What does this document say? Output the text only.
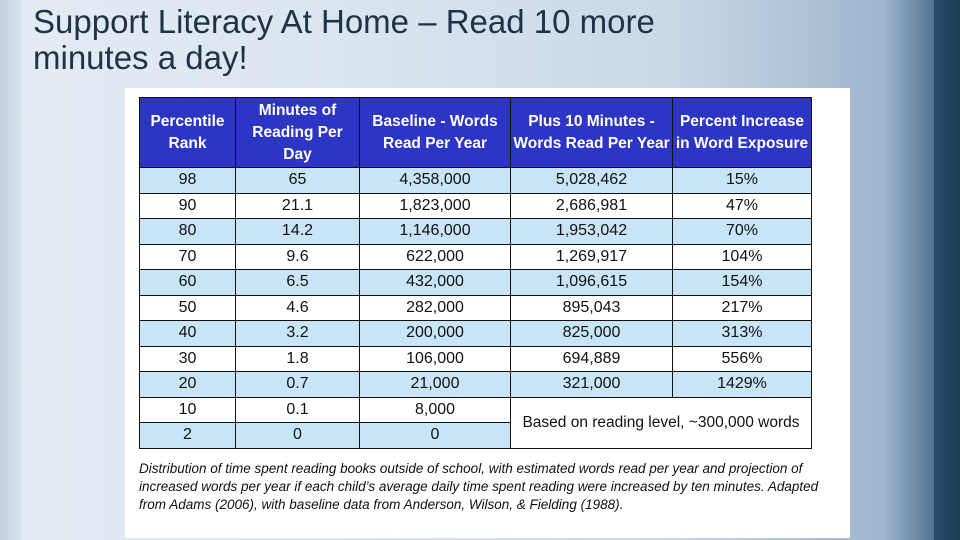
Support Literacy At Home – Read 10 more
minutes a day!
Percentile Rank	Minutes of Reading Per Day	Baseline - Words Read Per Year	Plus 10 Minutes - Words Read Per Year	Percent Increase in Word Exposure
98	65	4,358,000	5,028,462	15%
90	21.1	1,823,000	2,686,981	47%
80	14.2	1,146,000	1,953,042	70%
70	9.6	622,000	1,269,917	104%
60	6.5	432,000	1,096,615	154%
50	4.6	282,000	895,043	217%
40	3.2	200,000	825,000	313%
30	1.8	106,000	694,889	556%
20	0.7	21,000	321,000	1429%
10	0.1	8,000	Based on reading level, ~300,000 words	
2	0	0		

Distribution of time spent reading books outside of school, with estimated words read per year and projection of increased words per year if each child’s average daily time spent reading were increased by ten minutes. Adapted from Adams (2006), with baseline data from Anderson, Wilson, & Fielding (1988).
